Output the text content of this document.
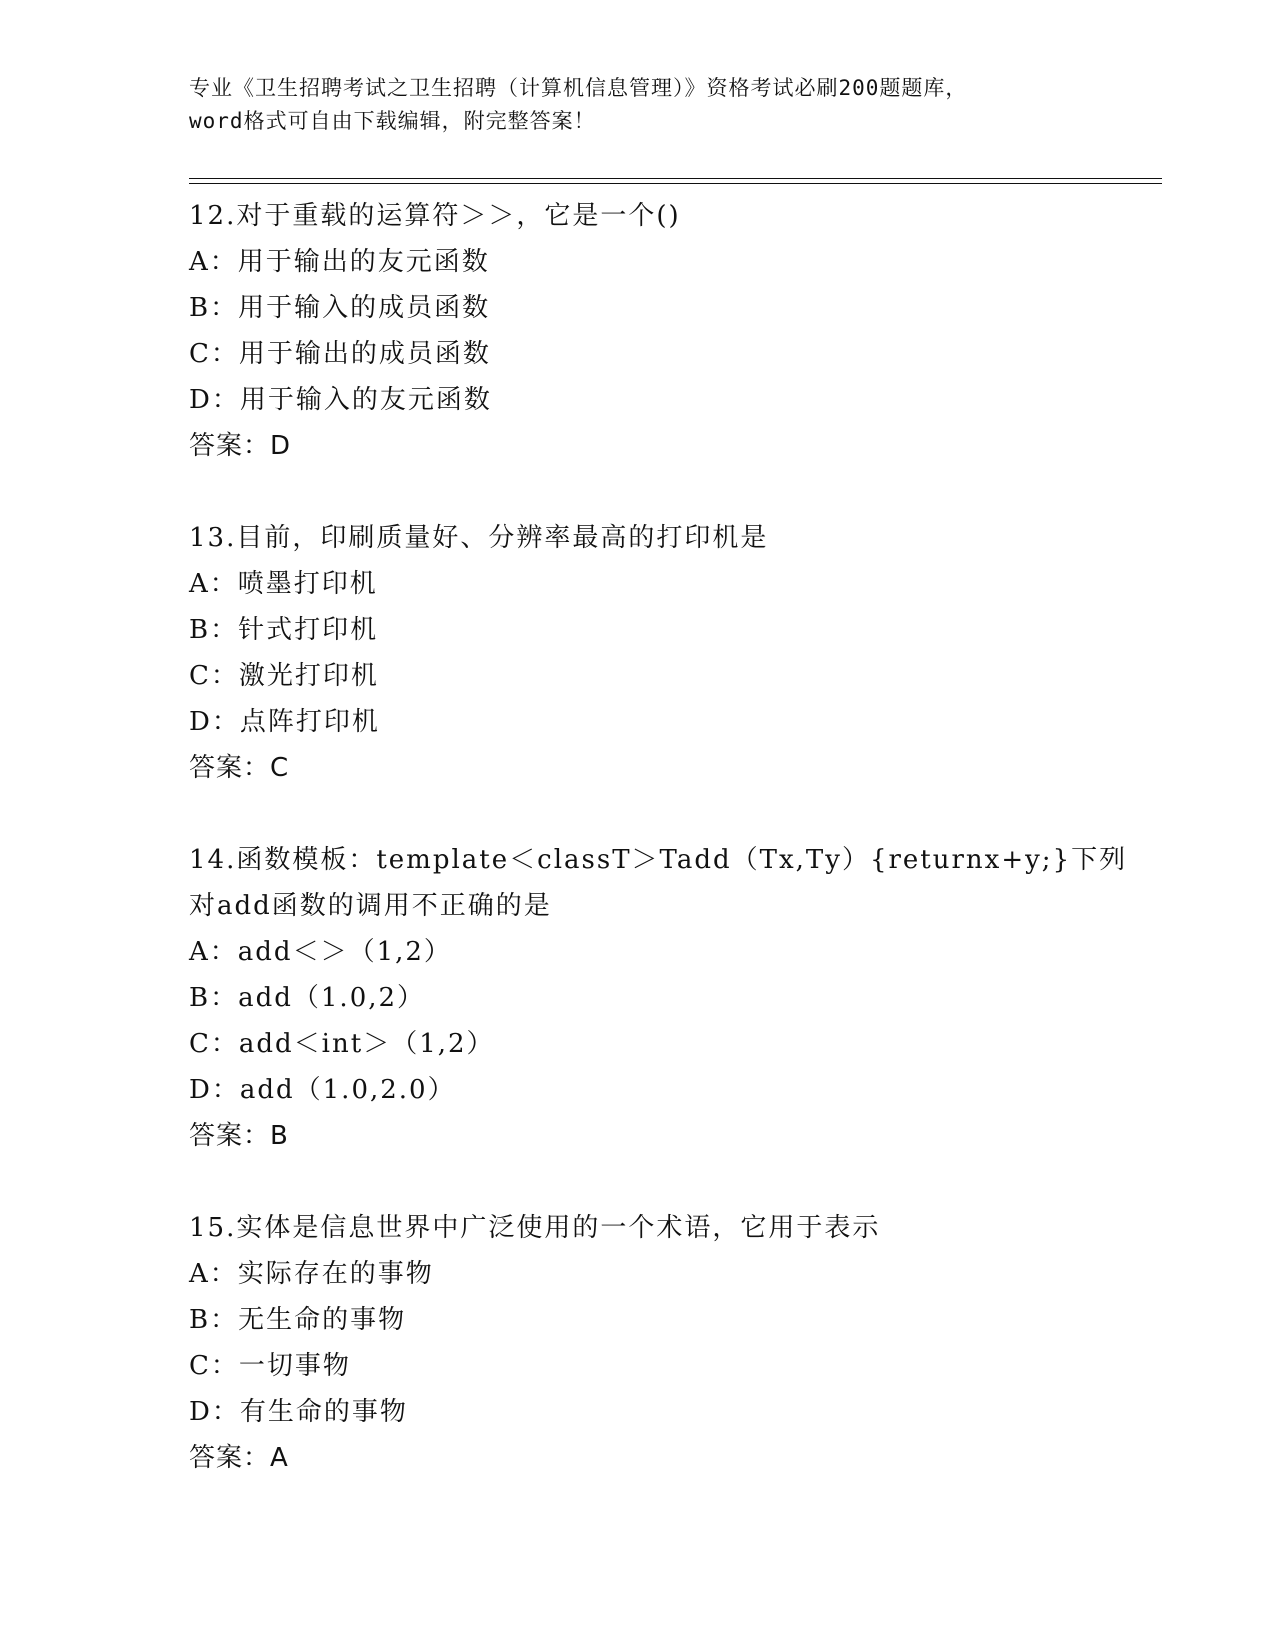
专业《卫生招聘考试之卫生招聘（计算机信息管理）》资格考试必刷200题题库，
word格式可自由下载编辑，附完整答案！
12.对于重载的运算符＞＞，它是一个()
A：用于输出的友元函数
B：用于输入的成员函数
C：用于输出的成员函数
D：用于输入的友元函数
答案：D
13.目前，印刷质量好、分辨率最高的打印机是
A：喷墨打印机
B：针式打印机
C：激光打印机
D：点阵打印机
答案：C
14.函数模板：template＜classT＞Tadd（Tx,Ty）{returnx+y;}下列
对add函数的调用不正确的是
A：add＜＞（1,2）
B：add（1.0,2）
C：add＜int＞（1,2）
D：add（1.0,2.0）
答案：B
15.实体是信息世界中广泛使用的一个术语，它用于表示
A：实际存在的事物
B：无生命的事物
C：一切事物
D：有生命的事物
答案：A
